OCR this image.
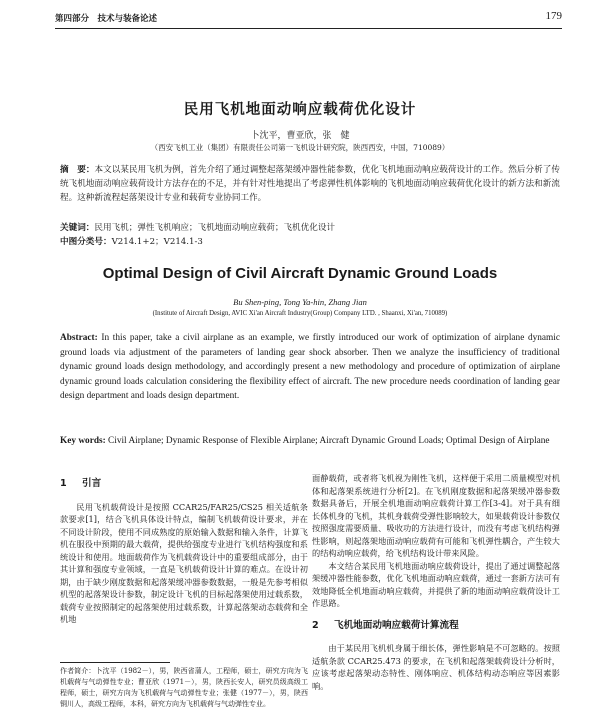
第四部分　技术与装备论述	179
民用飞机地面动响应载荷优化设计
卜沈平，曹亚欣，张　健
（西安飞机工业（集团）有限责任公司第一飞机设计研究院，陕西西安，中国，710089）
摘　要：本文以某民用飞机为例，首先介绍了通过调整起落架缓冲器性能参数，优化飞机地面动响应载荷设计的工作。然后分析了传统飞机地面动响应载荷设计方法存在的不足，并有针对性地提出了考虑弹性机体影响的飞机地面动响应载荷优化设计的新方法和新流程。这种新流程起落架设计专业和载荷专业协同工作。
关键词：民用飞机；弹性飞机响应；飞机地面动响应载荷；飞机优化设计
中图分类号：V214.1+2；V214.1-3
Optimal Design of Civil Aircraft Dynamic Ground Loads
Bu Shen-ping, Tong Ya-hin, Zhang Jian
(Institute of Aircraft Design, AVIC Xi'an Aircraft Industry(Group) Company LTD. , Shaanxi, Xi'an, 710089)
Abstract: In this paper, take a civil airplane as an example, we firstly introduced our work of optimization of airplane dynamic ground loads via adjustment of the parameters of landing gear shock absorber. Then we analyze the insufficiency of traditional dynamic ground loads design methodology, and accordingly present a new methodology and procedure of optimization of airplane dynamic ground loads calculation considering the flexibility effect of aircraft. The new procedure needs coordination of landing gear design department and loads design department.
Key words: Civil Airplane; Dynamic Response of Flexible Airplane; Aircraft Dynamic Ground Loads; Optimal Design of Airplane
1 引言

民用飞机载荷设计是按照 CCAR25/FAR25/CS25 相关适航条款要求[1]，结合飞机具体设计特点，编制飞机载荷设计要求，并在不同设计阶段，使用不同成熟度的原始输入数据和输入条件，计算飞机在服役中预期的最大载荷，提供给强度专业进行飞机结构强度和系统设计和使用。地面载荷作为飞机载荷设计中的重要组成部分，由于其计算和强度专业领域，一直是飞机载荷设计计算的难点。在设计初期，由于缺少刚度数据和起落架缓冲器参数数据，一般是先参考相似机型的起落架设计参数，制定设计飞机的目标起落架使用过载系数，载荷专业按照制定的起落架使用过载系数，计算起落架动态载荷和全机地

面静载荷，或者将飞机视为刚性飞机，这样便于采用二质量模型对机体和起落架系统进行分析[2]。在飞机刚度数据和起落架缓冲器参数数据具备后，开展全机地面动响应载荷计算工作[3-4]。对于具有细长体机身的飞机，其机身载荷受弹性影响较大，如果载荷设计参数仅按照强度需要质量、吸收功的方法进行设计，而没有考虑飞机结构弹性影响，则起落架地面动响应载荷有可能和飞机弹性耦合，产生较大的结构动响应载荷，给飞机结构设计带来风险。

本文结合某民用飞机地面动响应载荷设计，提出了通过调整起落架缓冲器性能参数，优化飞机地面动响应载荷，通过一套新方法可有效地降低全机地面动响应载荷，并提供了新的地面动响应载荷设计工作思路。

2 飞机地面动响应载荷计算流程

由于某民用飞机机身属于细长体，弹性影响是不可忽略的。按照适航条款 CCAR25.473 的要求，在飞机和起落架载荷设计分析时，应该考虑起落架动态特性、刚体响应、机体结构动态响应等因素影响。

作者简介：卜沈平（1982－），男，陕西省蒲人，工程师，硕士，研究方向为飞机载荷与气动弹性专业；曹亚欣（1971－），男，陕西长安人，研究员级高级工程师，硕士，研究方向为飞机载荷与气动弹性专业；张健（1977－），男，陕西铜川人，高级工程师，本科，研究方向为飞机载荷与气动弹性专业。
